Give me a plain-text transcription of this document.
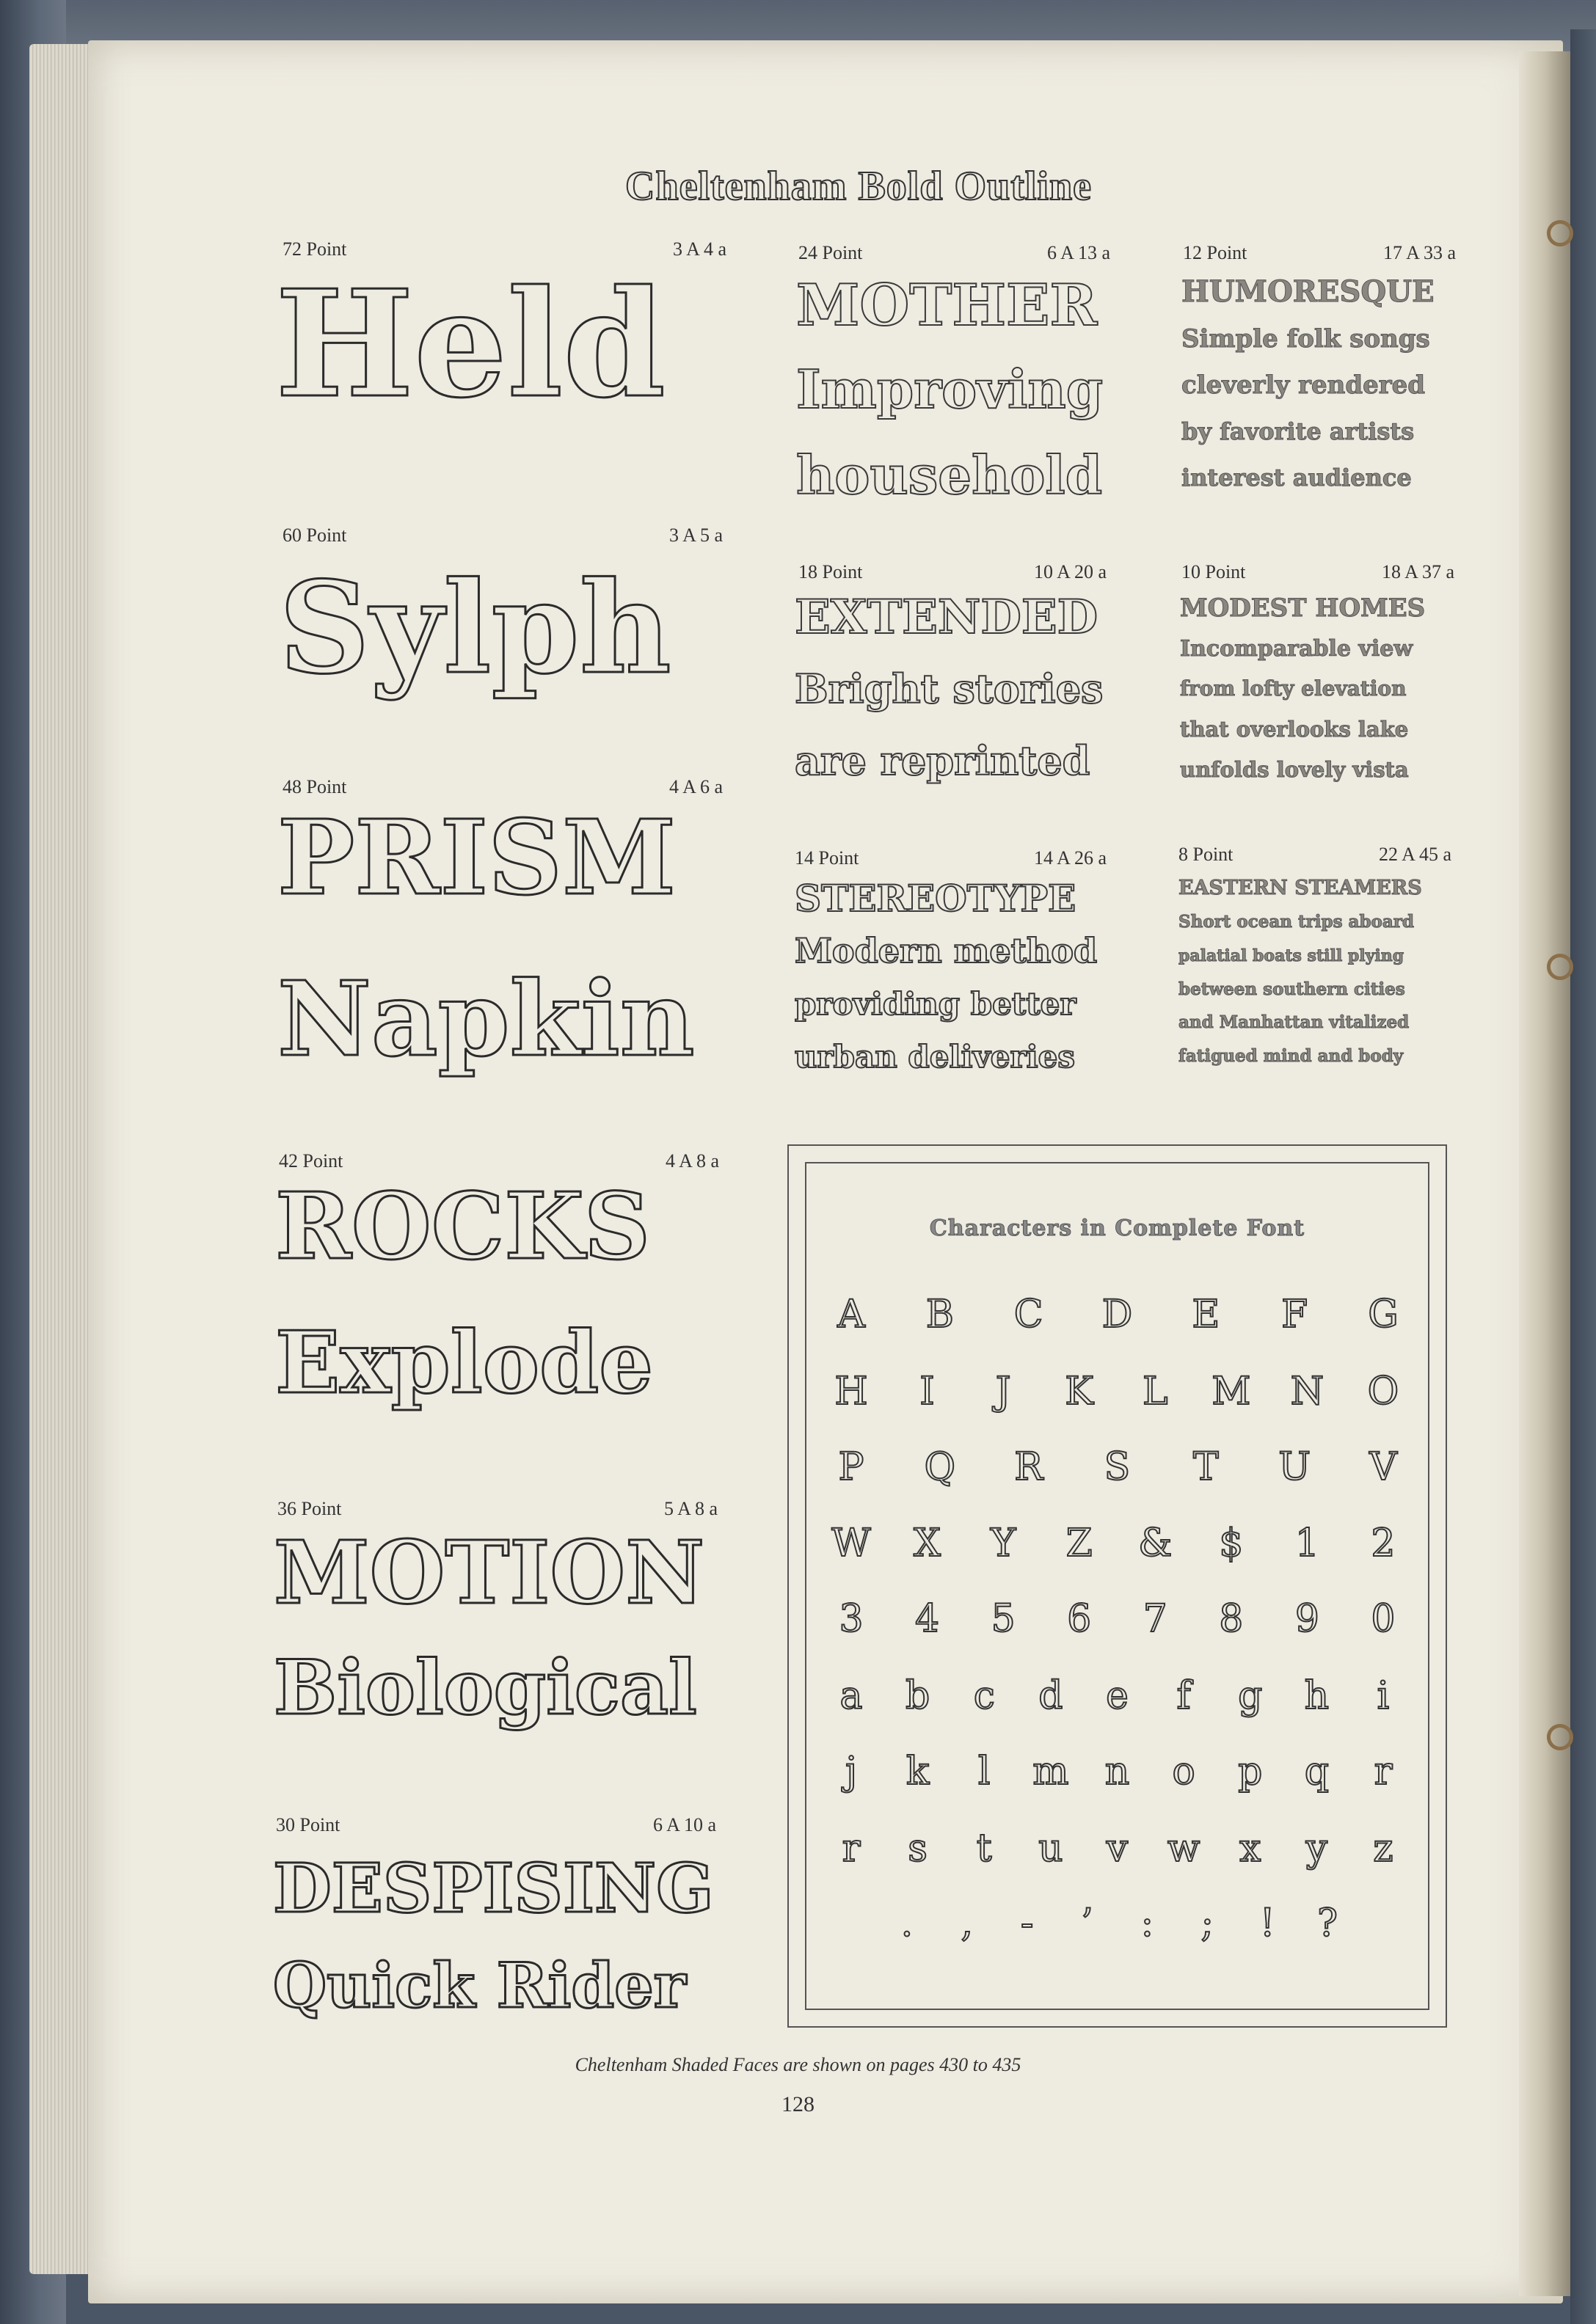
Cheltenham Bold Outline
72 Point	3 A 4 a
Held
60 Point	3 A 5 a
Sylph
48 Point	4 A 6 a
PRISM
Napkin
42 Point	4 A 8 a
ROCKS
Explode
36 Point	5 A 8 a
MOTION
Biological
30 Point	6 A 10 a
DESPISING
Quick Rider
24 Point	6 A 13 a
MOTHER
Improving
household
18 Point	10 A 20 a
EXTENDED
Bright stories
are reprinted
14 Point	14 A 26 a
STEREOTYPE
Modern method
providing better
urban deliveries
12 Point	17 A 33 a
HUMORESQUE
Simple folk songs
cleverly rendered
by favorite artists
interest audience
10 Point	18 A 37 a
MODEST HOMES
Incomparable view
from lofty elevation
that overlooks lake
unfolds lovely vista
8 Point	22 A 45 a
EASTERN STEAMERS
Short ocean trips aboard
palatial boats still plying
between southern cities
and Manhattan vitalized
fatigued mind and body
Characters in Complete Font
A	B	C	D	E	F	G
H	I	J	K	L	M	N	O
P	Q	R	S	T	U	V
W	X	Y	Z	&	$	1	2
3	4	5	6	7	8	9	0
a	b	c	d	e	f	g	h	i
j	k	l	m n	o	p	q	r
r	s	t	u	v	w	x	y	z
.	,	-	’	:	;	!	?
Cheltenham Shaded Faces are shown on pages 430 to 435
128
